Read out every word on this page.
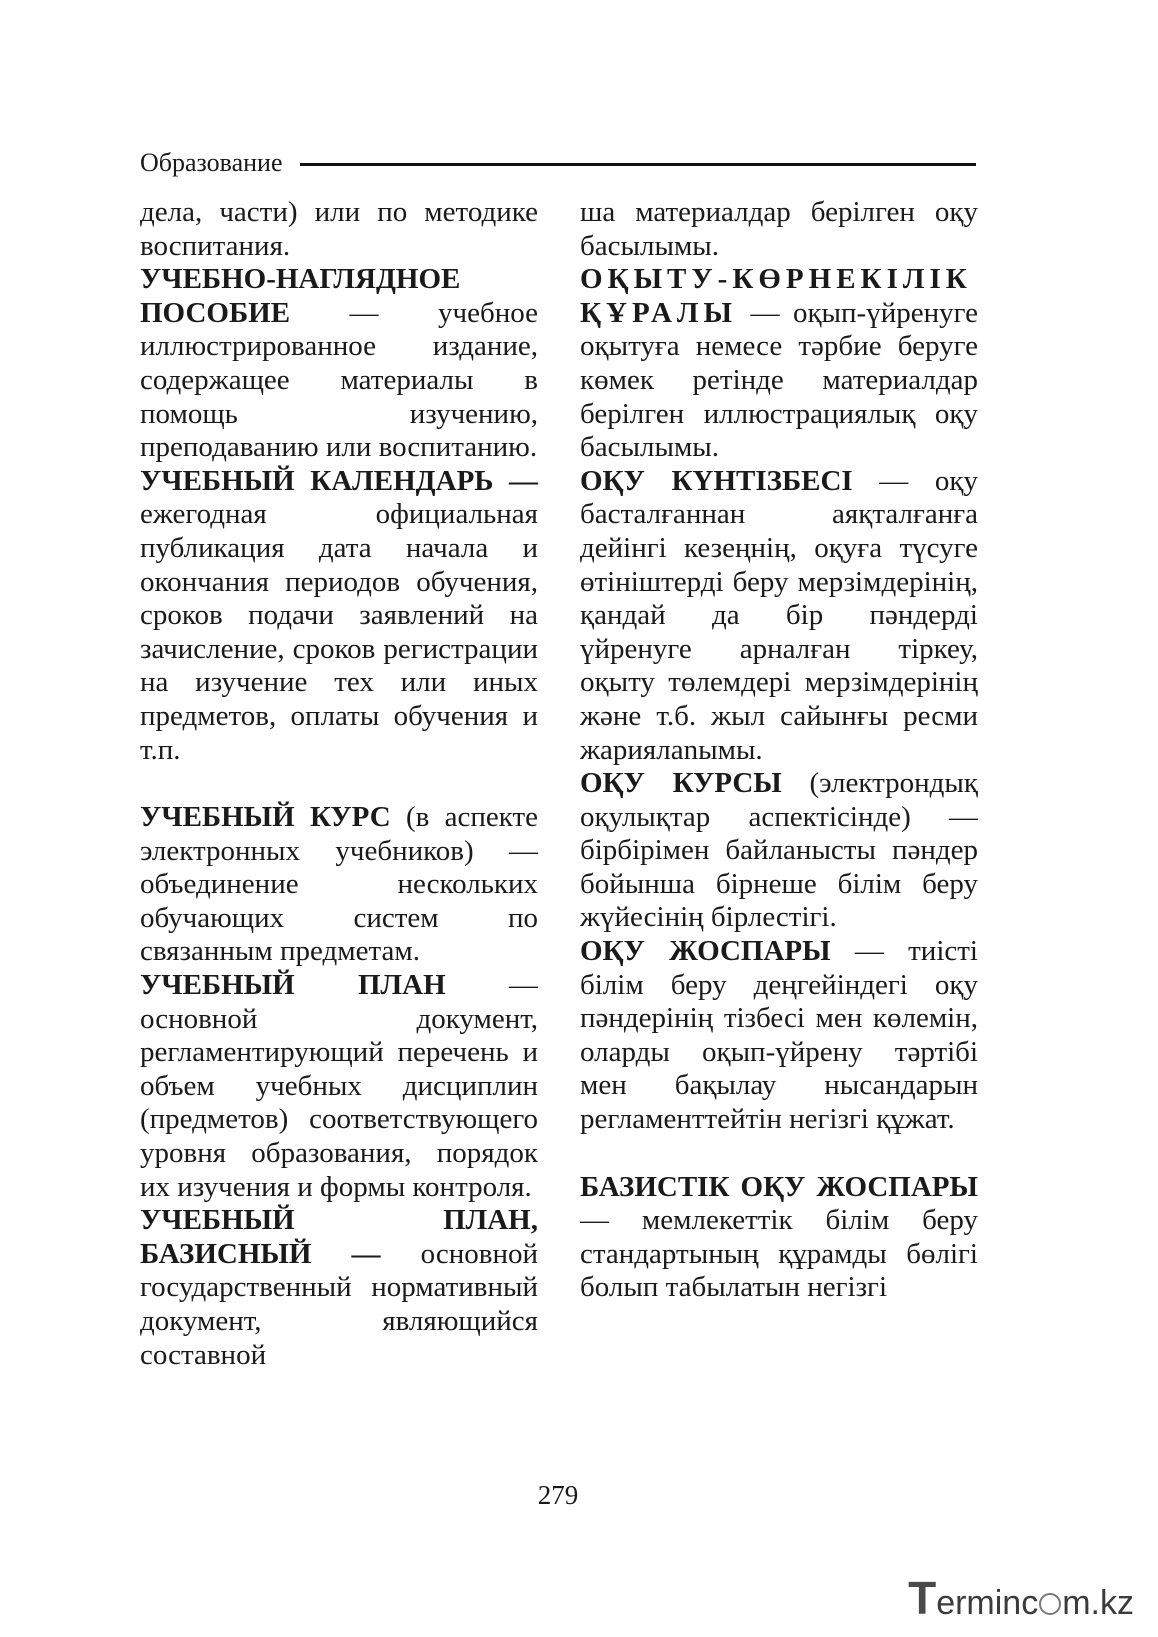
Образование

дела, части) или по методике воспитания.

УЧЕБНО-НАГЛЯДНОЕ ПОСОБИЕ — учебное иллюстрированное издание, содержащее материалы в помощь изучению, преподаванию или воспитанию.

УЧЕБНЫЙ КАЛЕНДАРЬ — ежегодная официальная публикация дата начала и окончания периодов обучения, сроков подачи заявлений на зачисление, сроков регистрации на изучение тех или иных предметов, оплаты обучения и т.п.

УЧЕБНЫЙ КУРС (в аспекте электронных учебников) — объединение нескольких обучающих систем по связанным предметам.

УЧЕБНЫЙ ПЛАН — основной документ, регламентирующий перечень и объем учебных дисциплин (предметов) соответствующего уровня образования, порядок их изучения и формы контроля.

УЧЕБНЫЙ ПЛАН, БАЗИСНЫЙ — основной государственный нормативный документ, являющийся составной

ша материалдар берілген оқу басылымы.

ОҚЫТУ-КӨРНЕКІЛІК ҚҰРАЛЫ — оқып-үйренуге оқытуға немесе тәрбие беруге көмек ретінде материалдар берілген иллюстрациялық оқу басылымы.

ОҚУ КҮНТІЗБЕСІ — оқу басталғаннан аяқталғанға дейінгі кезеңнің, оқуға түсуге өтініштерді беру мерзімдерінің, қандай да бір пәндерді үйренуге арналған тіркеу, оқыту төлемдері мерзімдерінің және т.б. жыл сайынғы ресми жариялanымы.

ОҚУ КУРСЫ (электрондық оқулықтар аспектісінде) — бірбірімен байланысты пәндер бойынша бірнеше білім беру жүйесінің бірлестігі.

ОҚУ ЖОСПАРЫ — тиісті білім беру деңгейіндегі оқу пәндерінің тізбесі мен көлемін, оларды оқып-үйрену тәртібі мен бақылау нысандарын регламенттейтін негізгі құжат.

БАЗИСТІК ОҚУ ЖОСПАРЫ — мемлекеттік білім беру стандартының құрамды бөлігі болып табылатын негізгі

279
Terminc m.kz
